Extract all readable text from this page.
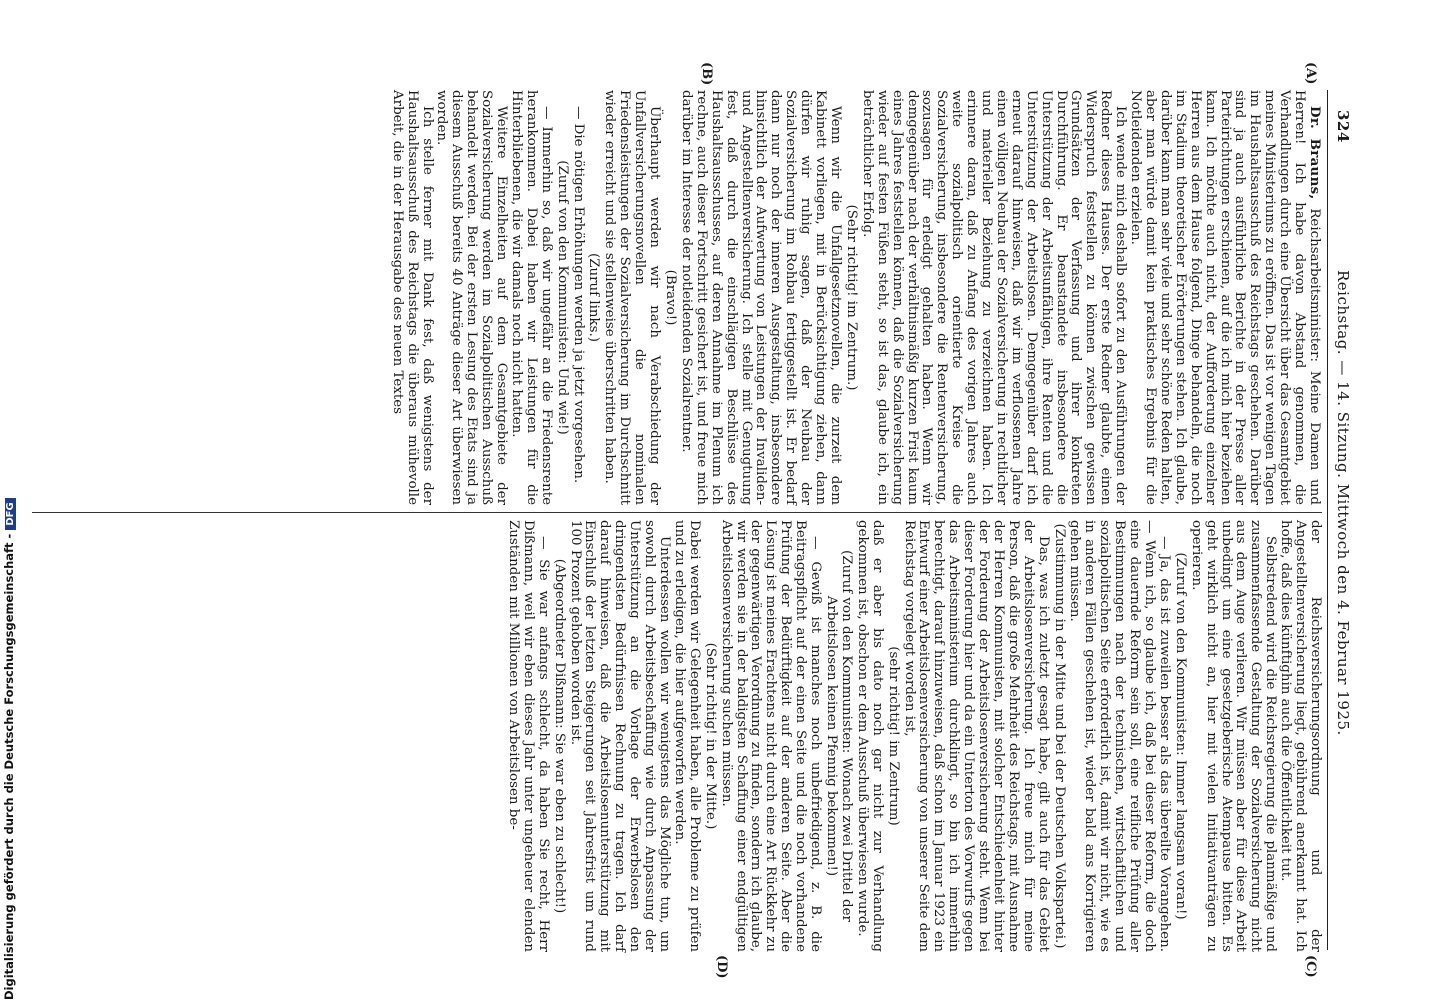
324
Reichstag. — 14. Sitzung. Mittwoch den 4. Februar 1925.
(A)
(B)
(C)
(D)

Dr. Brauns, Reichsarbeitsminister: Meine Damen und Herren! Ich habe davon Abstand genommen, die Verhandlungen durch eine Übersicht über das Gesamtgebiet meines Ministeriums zu eröffnen. Das ist vor wenigen Tagen im Haushaltsausschuß des Reichstags geschehen. Darüber sind ja auch ausführliche Berichte in der Presse aller Parteirichtungen erschienen, auf die ich mich hier beziehen kann. Ich möchte auch nicht, der Aufforderung einzelner Herren aus dem Hause folgend, Dinge behandeln, die noch im Stadium theoretischer Erörterungen stehen. Ich glaube, darüber kann man sehr viele und sehr schöne Reden halten, aber man würde damit kein praktisches Ergebnis für die Notleidenden erzielen.

Ich wende mich deshalb sofort zu den Ausführungen der Redner dieses Hauses. Der erste Redner glaubte, einen Widerspruch feststellen zu können zwischen gewissen Grundsätzen der Verfassung und ihrer konkreten Durchführung. Er beanstandete insbesondere die Unterstützung der Arbeitsunfähigen, ihre Renten und die Unterstützung der Arbeitslosen. Demgegenüber darf ich erneut darauf hinweisen, daß wir im verflossenen Jahre einen völligen Neubau der Sozialversicherung in rechtlicher und materieller Beziehung zu verzeichnen haben. Ich erinnere daran, daß zu Anfang des vorigen Jahres auch weite sozialpolitisch orientierte Kreise die Sozialversicherung, insbesondere die Rentenversicherung, sozusagen für erledigt gehalten haben. Wenn wir demgegenüber nach der verhältnismäßig kurzen Frist kaum eines Jahres feststellen können, daß die Sozialversicherung wieder auf festen Füßen steht, so ist das, glaube ich, ein beträchtlicher Erfolg.

(Sehr richtig! im Zentrum.)

Wenn wir die Unfallgesetznovellen, die zurzeit dem Kabinett vorliegen, mit in Berücksichtigung ziehen, dann dürfen wir ruhig sagen, daß der Neubau der Sozialversicherung im Rohbau fertiggestellt ist. Er bedarf dann nur noch der inneren Ausgestaltung, insbesondere hinsichtlich der Aufwertung von Leistungen der Invaliden- und Angestelltenversicherung. Ich stelle mit Genugtuung fest, daß durch die einschlägigen Beschlüsse des Haushaltsausschusses, auf deren Annahme im Plenum ich rechne, auch dieser Fortschritt gesichert ist, und freue mich darüber im Interesse der notleidenden Sozialrentner.

(Bravo!)

Überhaupt werden wir nach Verabschiedung der Unfallversicherungsnovellen die nominalen Friedensleistungen der Sozialversicherung im Durchschnitt wieder erreicht und sie stellenweise überschritten haben.

(Zuruf links.)

— Die nötigen Erhöhungen werden ja jetzt vorgesehen.

(Zuruf von den Kommunisten: Und wie!)

— Immerhin so, daß wir ungefähr an die Friedensrente herankommen. Dabei haben wir Leistungen für die Hinterbliebenen, die wir damals noch nicht hatten.

Weitere Einzelheiten auf dem Gesamtgebiete der Sozialversicherung werden im Sozialpolitischen Ausschuß behandelt werden. Bei der ersten Lesung des Etats sind ja diesem Ausschuß bereits 40 Anträge dieser Art überwiesen worden.

Ich stelle ferner mit Dank fest, daß wenigstens der Haushaltsausschuß des Reichstags die überaus mühevolle Arbeit, die in der Herausgabe des neuen Textes

der Reichsversicherungsordnung und der Angestelltenversicherung liegt, gebührend anerkannt hat. Ich hoffe, daß dies künftighin auch die Öffentlichkeit tut.

Selbstredend wird die Reichsregierung die planmäßige und zusammenfassende Gestaltung der Sozialversicherung nicht aus dem Auge verlieren. Wir müssen aber für diese Arbeit unbedingt um eine gesetzgeberische Atempause bitten. Es geht wirklich nicht an, hier mit vielen Initiativanträgen zu operieren.

(Zuruf von den Kommunisten: Immer langsam voran!)

— Ja, das ist zuweilen besser als das übereilte Vorangehen. — Wenn ich, so glaube ich, daß bei dieser Reform, die doch eine dauernde Reform sein soll, eine reifliche Prüfung aller Bestimmungen nach der technischen, wirtschaftlichen und sozialpolitischen Seite erforderlich ist, damit wir nicht, wie es in anderen Fällen geschehen ist, wieder bald ans Korrigieren gehen müssen.

(Zustimmung in der Mitte und bei der Deutschen Volkspartei.)

Das, was ich zuletzt gesagt habe, gilt auch für das Gebiet der Arbeitslosenversicherung. Ich freue mich für meine Person, daß die große Mehrheit des Reichstags, mit Ausnahme der Herren Kommunisten, mit solcher Entschiedenheit hinter der Forderung der Arbeitslosenversicherung steht. Wenn bei dieser Forderung hier und da ein Unterton des Vorwurfs gegen das Arbeitsministerium durchklingt, so bin ich immerhin berechtigt, darauf hinzuweisen, daß schon im Januar 1923 ein Entwurf einer Arbeitslosenversicherung von unserer Seite dem Reichstag vorgelegt worden ist,

(sehr richtig! im Zentrum)

daß er aber bis dato noch gar nicht zur Verhandlung gekommen ist, obschon er dem Ausschuß überwiesen wurde.

(Zuruf von den Kommunisten: Wonach zwei Drittel der Arbeitslosen keinen Pfennig bekommen!)

— Gewiß ist manches noch unbefriedigend, z. B. die Beitragspflicht auf der einen Seite und die noch vorhandene Prüfung der Bedürftigkeit auf der anderen Seite. Aber die Lösung ist meines Erachtens nicht durch eine Art Rückkehr zu der gegenwärtigen Verordnung zu finden, sondern ich glaube, wir werden sie in der baldigsten Schaffung einer endgültigen Arbeitslosenversicherung suchen müssen.

(Sehr richtig! in der Mitte.)

Dabei werden wir Gelegenheit haben, alle Probleme zu prüfen und zu erledigen, die hier aufgeworfen werden.

Unterdessen wollen wir wenigstens das Mögliche tun, um sowohl durch Arbeitsbeschaffung wie durch Anpassung der Unterstützung an die Vorlage der Erwerbslosen den dringendsten Bedürfnissen Rechnung zu tragen. Ich darf darauf hinweisen, daß die Arbeitslosenunterstützung mit Einschluß der letzten Steigerungen seit Jahresfrist um rund 100 Prozent gehoben worden ist.

(Abgeordneter Dißmann: Sie war eben zu schlecht!)

— Sie war anfangs schlecht, da haben Sie recht, Herr Dißmann, weil wir eben dieses Jahr unter ungeheuer elenden Zuständen mit Millionen von Arbeitslosen be-

Digitalisierung gefördert durch die Deutsche Forschungsgemeinschaft -DFG
